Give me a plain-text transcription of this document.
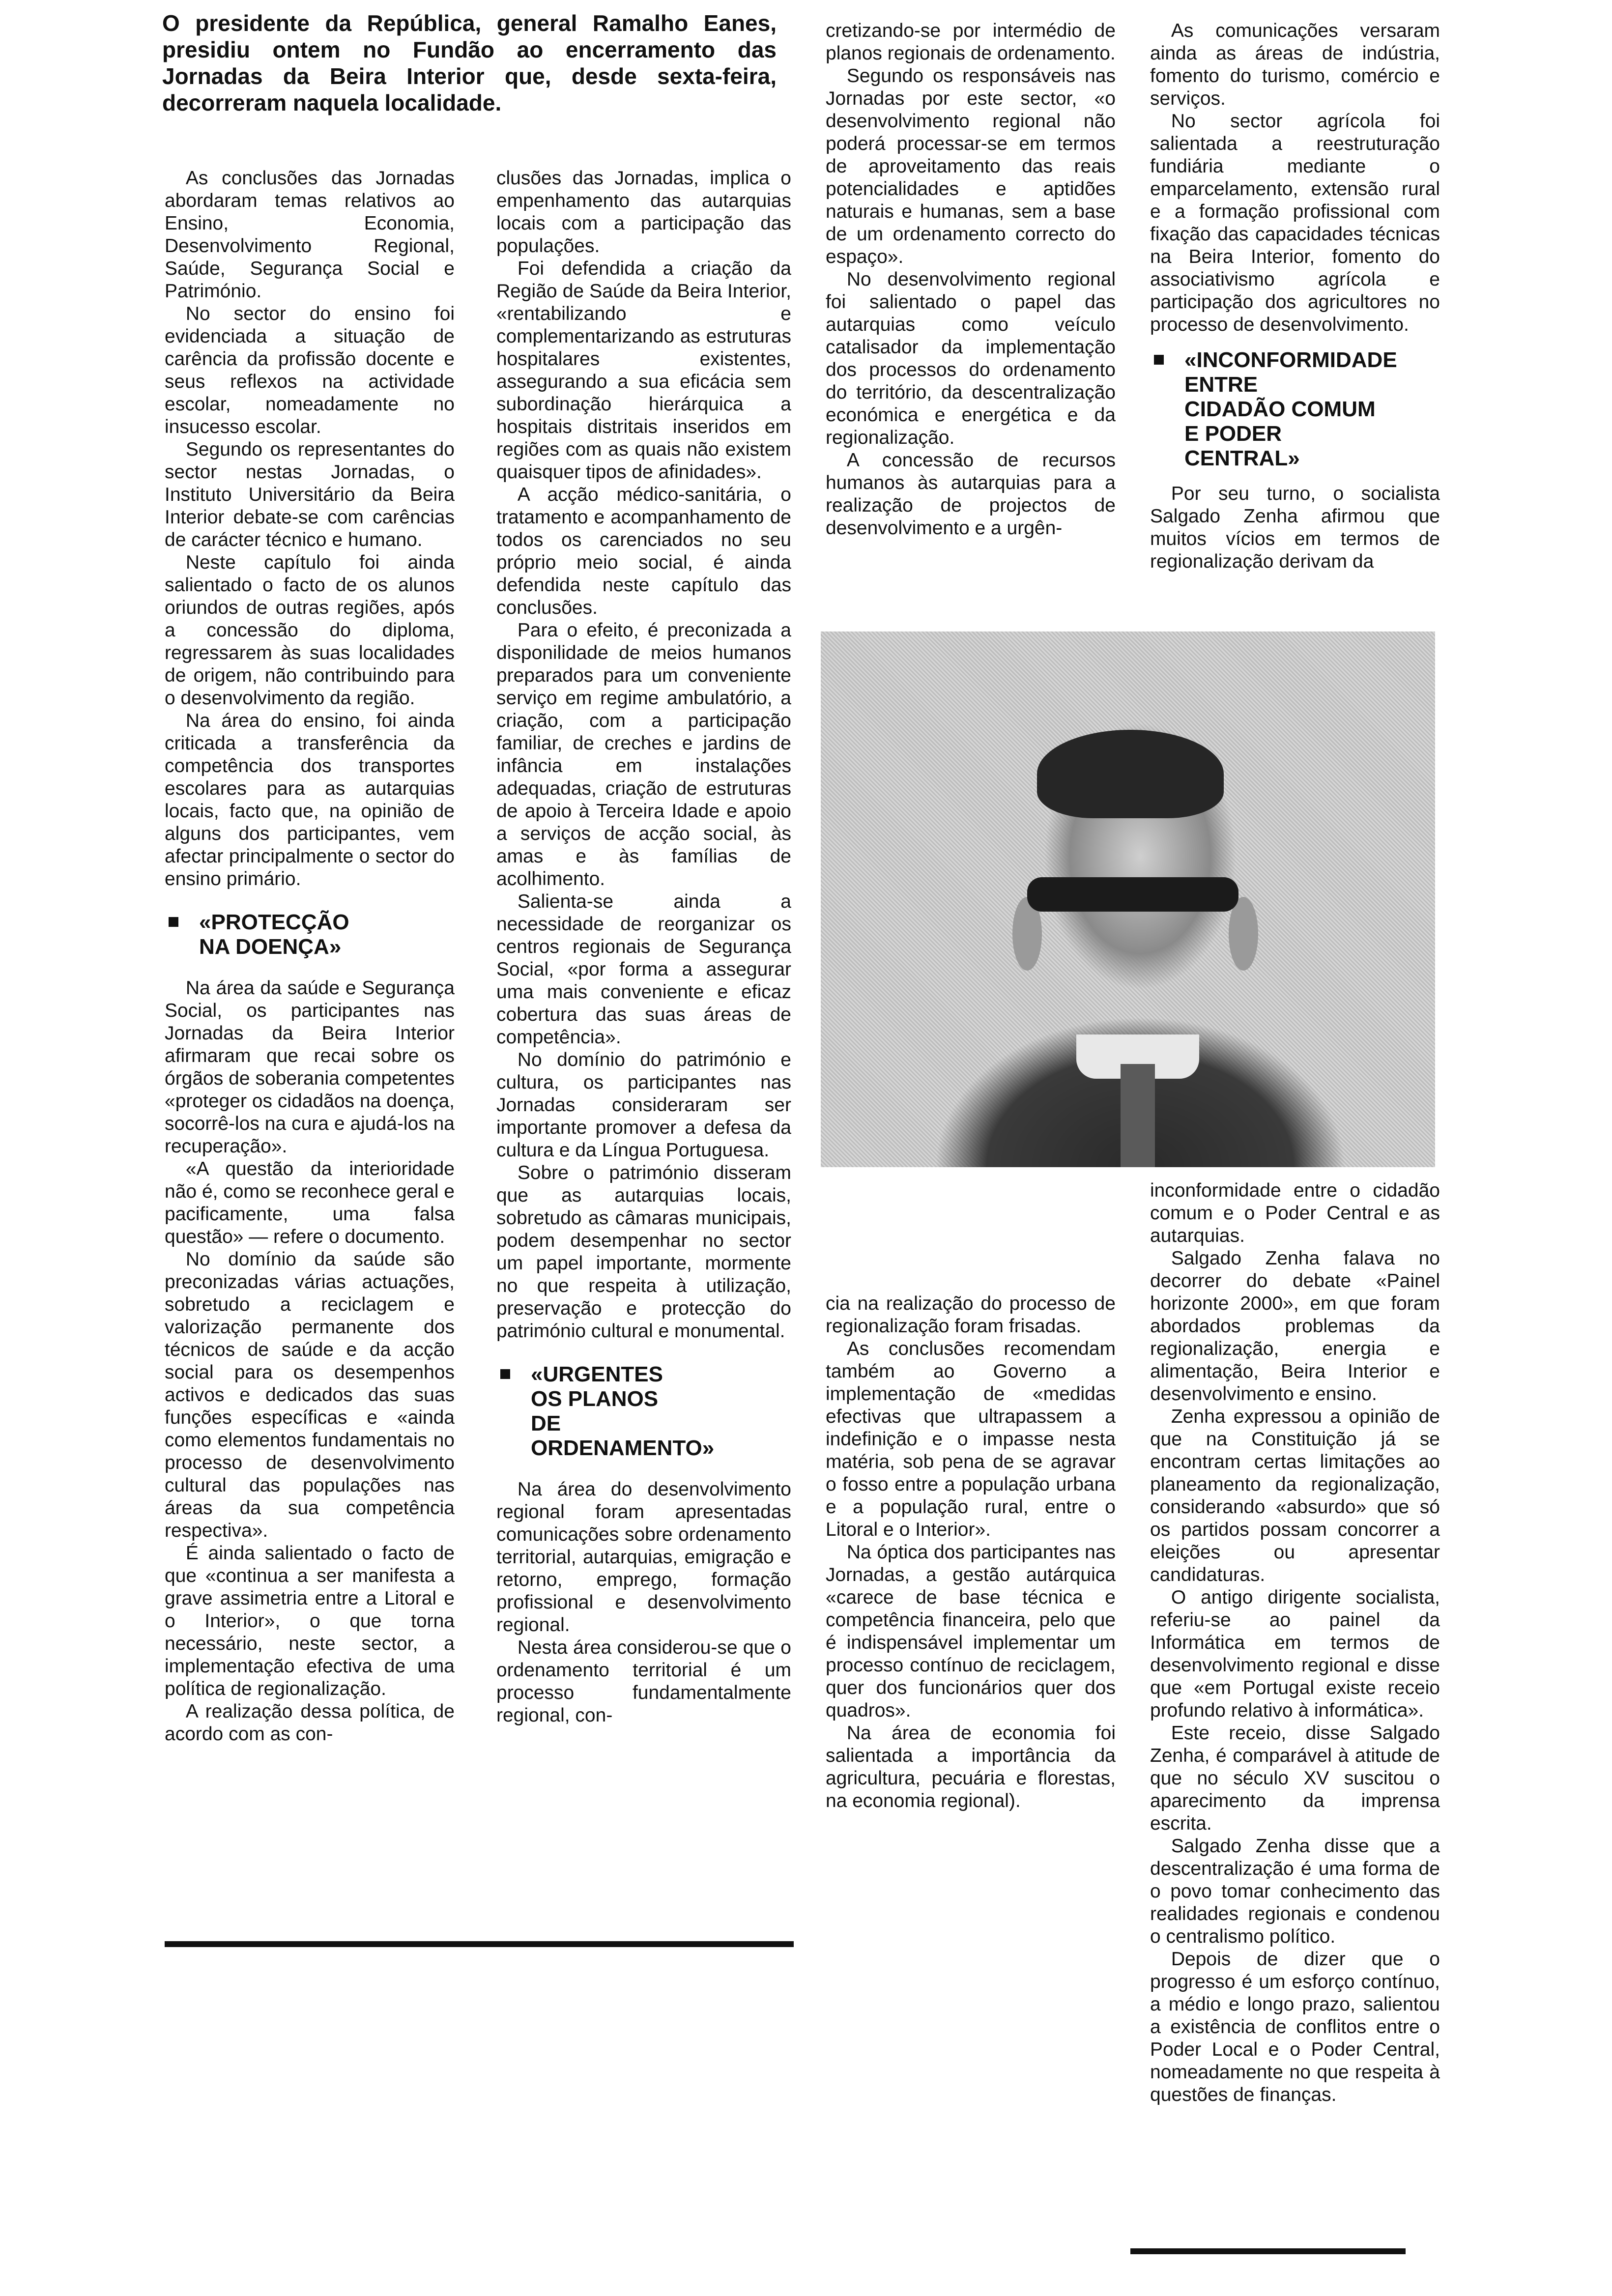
O presidente da República, general Ramalho Eanes, presidiu ontem no Fundão ao encerramento das Jornadas da Beira Interior que, desde sexta-feira, decorreram naquela localidade.

As conclusões das Jornadas abordaram temas relativos ao Ensino, Economia, Desenvolvimento Regional, Saúde, Segurança Social e Património.

No sector do ensino foi evidenciada a situação de carência da profissão docente e seus reflexos na actividade escolar, nomeadamente no insucesso escolar.

Segundo os representantes do sector nestas Jornadas, o Instituto Universitário da Beira Interior debate-se com carências de carácter técnico e humano.

Neste capítulo foi ainda salientado o facto de os alunos oriundos de outras regiões, após a concessão do diploma, regressarem às suas localidades de origem, não contribuindo para o desenvolvimento da região.

Na área do ensino, foi ainda criticada a transferência da competência dos transportes escolares para as autarquias locais, facto que, na opinião de alguns dos participantes, vem afectar principalmente o sector do ensino primário.

«PROTECÇÃO
NA DOENÇA»

Na área da saúde e Segurança Social, os participantes nas Jornadas da Beira Interior afirmaram que recai sobre os órgãos de soberania competentes «proteger os cidadãos na doença, socorrê-los na cura e ajudá-los na recuperação».

«A questão da interioridade não é, como se reconhece geral e pacificamente, uma falsa questão» — refere o documento.

No domínio da saúde são preconizadas várias actuações, sobretudo a reciclagem e valorização permanente dos técnicos de saúde e da acção social para os desempenhos activos e dedicados das suas funções específicas e «ainda como elementos fundamentais no processo de desenvolvimento cultural das populações nas áreas da sua competência respectiva».

É ainda salientado o facto de que «continua a ser manifesta a grave assimetria entre a Litoral e o Interior», o que torna necessário, neste sector, a implementação efectiva de uma política de regionalização.

A realização dessa política, de acordo com as con-

clusões das Jornadas, implica o empenhamento das autarquias locais com a participação das populações.

Foi defendida a criação da Região de Saúde da Beira Interior, «rentabilizando e complementarizando as estruturas hospitalares existentes, assegurando a sua eficácia sem subordinação hierárquica a hospitais distritais inseridos em regiões com as quais não existem quaisquer tipos de afinidades».

A acção médico-sanitária, o tratamento e acompanhamento de todos os carenciados no seu próprio meio social, é ainda defendida neste capítulo das conclusões.

Para o efeito, é preconizada a disponilidade de meios humanos preparados para um conveniente serviço em regime ambulatório, a criação, com a participação familiar, de creches e jardins de infância em instalações adequadas, criação de estruturas de apoio à Terceira Idade e apoio a serviços de acção social, às amas e às famílias de acolhimento.

Salienta-se ainda a necessidade de reorganizar os centros regionais de Segurança Social, «por forma a assegurar uma mais conveniente e eficaz cobertura das suas áreas de competência».

No domínio do património e cultura, os participantes nas Jornadas consideraram ser importante promover a defesa da cultura e da Língua Portuguesa.

Sobre o património disseram que as autarquias locais, sobretudo as câmaras municipais, podem desempenhar no sector um papel importante, mormente no que respeita à utilização, preservação e protecção do património cultural e monumental.

«URGENTES
OS PLANOS
DE
ORDENAMENTO»

Na área do desenvolvimento regional foram apresentadas comunicações sobre ordenamento territorial, autarquias, emigração e retorno, emprego, formação profissional e desenvolvimento regional.

Nesta área considerou-se que o ordenamento territorial é um processo fundamentalmente regional, con-

cretizando-se por intermédio de planos regionais de ordenamento.

Segundo os responsáveis nas Jornadas por este sector, «o desenvolvimento regional não poderá processar-se em termos de aproveitamento das reais potencialidades e aptidões naturais e humanas, sem a base de um ordenamento correcto do espaço».

No desenvolvimento regional foi salientado o papel das autarquias como veículo catalisador da implementação dos processos do ordenamento do território, da descentralização económica e energética e da regionalização.

A concessão de recursos humanos às autarquias para a realização de projectos de desenvolvimento e a urgên-

As comunicações versaram ainda as áreas de indústria, fomento do turismo, comércio e serviços.

No sector agrícola foi salientada a reestruturação fundiária mediante o emparcelamento, extensão rural e a formação profissional com fixação das capacidades técnicas na Beira Interior, fomento do associativismo agrícola e participação dos agricultores no processo de desenvolvimento.

«INCONFORMIDADE
ENTRE
CIDADÃO COMUM
E PODER
CENTRAL»

Por seu turno, o socialista Salgado Zenha afirmou que muitos vícios em termos de regionalização derivam da

cia na realização do processo de regionalização foram frisadas.

As conclusões recomendam também ao Governo a implementação de «medidas efectivas que ultrapassem a indefinição e o impasse nesta matéria, sob pena de se agravar o fosso entre a população urbana e a população rural, entre o Litoral e o Interior».

Na óptica dos participantes nas Jornadas, a gestão autárquica «carece de base técnica e competência financeira, pelo que é indispensável implementar um processo contínuo de reciclagem, quer dos funcionários quer dos quadros».

Na área de economia foi salientada a importância da agricultura, pecuária e florestas, na economia regional).

inconformidade entre o cidadão comum e o Poder Central e as autarquias.

Salgado Zenha falava no decorrer do debate «Painel horizonte 2000», em que foram abordados problemas da regionalização, energia e alimentação, Beira Interior e desenvolvimento e ensino.

Zenha expressou a opinião de que na Constituição já se encontram certas limitações ao planeamento da regionalização, considerando «absurdo» que só os partidos possam concorrer a eleições ou apresentar candidaturas.

O antigo dirigente socialista, referiu-se ao painel da Informática em termos de desenvolvimento regional e disse que «em Portugal existe receio profundo relativo à informática».

Este receio, disse Salgado Zenha, é comparável à atitude de que no século XV suscitou o aparecimento da imprensa escrita.

Salgado Zenha disse que a descentralização é uma forma de o povo tomar conhecimento das realidades regionais e condenou o centralismo político.

Depois de dizer que o progresso é um esforço contínuo, a médio e longo prazo, salientou a existência de conflitos entre o Poder Local e o Poder Central, nomeadamente no que respeita à questões de finanças.
